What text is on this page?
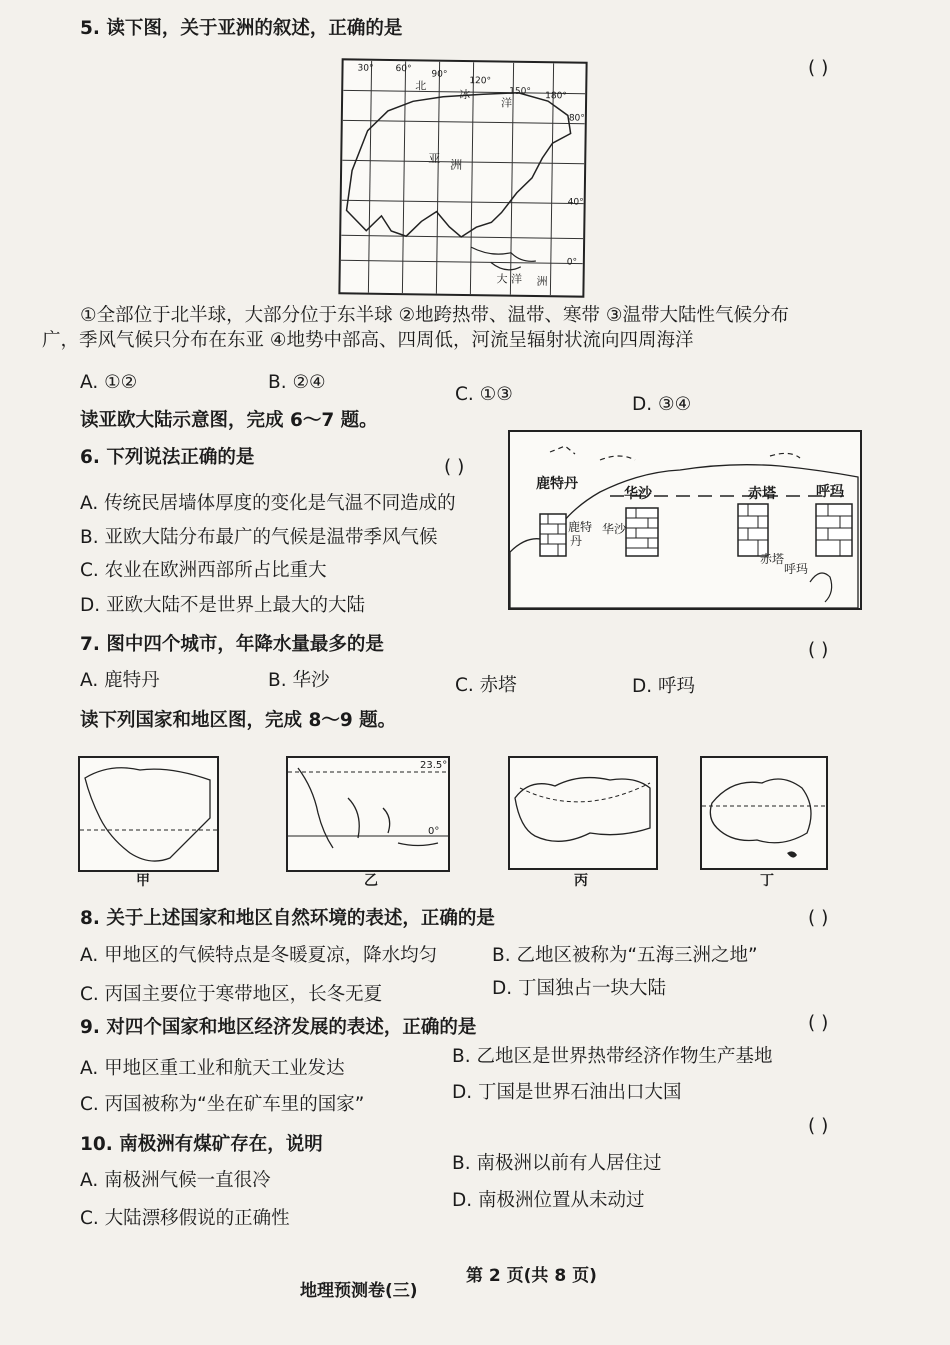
5. 读下图，关于亚洲的叙述，正确的是
( )
30° 60°
90°
120°
150° 180°
北
冰
洋
亚 洲
80°
40°
0°
大 洋 洲
①全部位于北半球，大部分位于东半球 ②地跨热带、温带、寒带 ③温带大陆性气候分布
广，季风气候只分布在东亚 ④地势中部高、四周低，河流呈辐射状流向四周海洋
A. ①②	B. ②④
C. ①③	D. ③④
读亚欧大陆示意图，完成 6～7 题。
6. 下列说法正确的是	( )
A. 传统民居墙体厚度的变化是气温不同造成的
B. 亚欧大陆分布最广的气候是温带季风气候
C. 农业在欧洲西部所占比重大
D. 亚欧大陆不是世界上最大的大陆
鹿特丹
华沙	赤塔	呼玛
鹿特
丹
华沙
赤塔
呼玛
7. 图中四个城市，年降水量最多的是	( )
A. 鹿特丹	B. 华沙	C. 赤塔	D. 呼玛
读下列国家和地区图，完成 8～9 题。
甲
23.5°
0°
乙	丙	丁
8. 关于上述国家和地区自然环境的表述，正确的是	( )
A. 甲地区的气候特点是冬暖夏凉，降水均匀	B. 乙地区被称为“五海三洲之地”
C. 丙国主要位于寒带地区，长冬无夏	D. 丁国独占一块大陆
9. 对四个国家和地区经济发展的表述，正确的是	( )
A. 甲地区重工业和航天工业发达
B. 乙地区是世界热带经济作物生产基地
C. 丙国被称为“坐在矿车里的国家”
D. 丁国是世界石油出口大国
10. 南极洲有煤矿存在，说明
( )
A. 南极洲气候一直很冷
B. 南极洲以前有人居住过
C. 大陆漂移假说的正确性
D. 南极洲位置从未动过
地理预测卷(三)
第 2 页(共 8 页)
